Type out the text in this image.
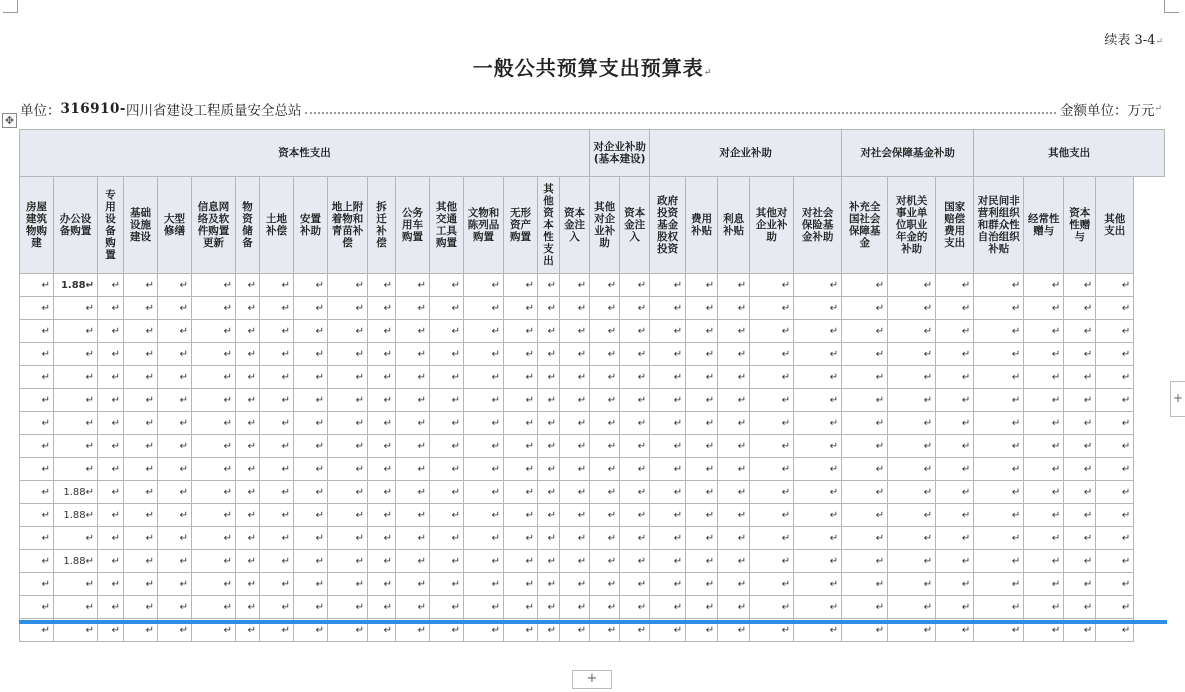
续表 3-4↵
一般公共预算支出预算表↵
✥
单位： 316910- 四川省建设工程质量安全总站	金额单位：万元 ↵
资本性支出																	对企业补助(基本建设)		对企业补助					对社会保障基金补助			其他支出			
房屋建筑物购建	办公设备购置	专用设备购置	基础设施建设	大型修缮	信息网络及软件购置更新	物资储备	土地补偿	安置补助	地上附着物和青苗补偿	拆迁补偿	公务用车购置	其他交通工具购置	文物和陈列品购置	无形资产购置	其他资本性支出	资本金注入	其他对企业补助	资本金注入	政府投资基金股权投资	费用补贴	利息补贴	其他对企业补助	对社会保险基金补助	补充全国社会保障基金	对机关事业单位职业年金的补助	国家赔偿费用支出	对民间非营利组织和群众性自治组织补贴	经常性赠与	资本性赠与	其他支出
↵	1.88↵	↵	↵	↵	↵	↵	↵	↵	↵	↵	↵	↵	↵	↵	↵	↵	↵	↵	↵	↵	↵	↵	↵	↵	↵	↵	↵	↵	↵	↵
↵	↵	↵	↵	↵	↵	↵	↵	↵	↵	↵	↵	↵	↵	↵	↵	↵	↵	↵	↵	↵	↵	↵	↵	↵	↵	↵	↵	↵	↵	↵
↵	↵	↵	↵	↵	↵	↵	↵	↵	↵	↵	↵	↵	↵	↵	↵	↵	↵	↵	↵	↵	↵	↵	↵	↵	↵	↵	↵	↵	↵	↵
↵	↵	↵	↵	↵	↵	↵	↵	↵	↵	↵	↵	↵	↵	↵	↵	↵	↵	↵	↵	↵	↵	↵	↵	↵	↵	↵	↵	↵	↵	↵
↵	↵	↵	↵	↵	↵	↵	↵	↵	↵	↵	↵	↵	↵	↵	↵	↵	↵	↵	↵	↵	↵	↵	↵	↵	↵	↵	↵	↵	↵	↵
↵	↵	↵	↵	↵	↵	↵	↵	↵	↵	↵	↵	↵	↵	↵	↵	↵	↵	↵	↵	↵	↵	↵	↵	↵	↵	↵	↵	↵	↵	↵
↵	↵	↵	↵	↵	↵	↵	↵	↵	↵	↵	↵	↵	↵	↵	↵	↵	↵	↵	↵	↵	↵	↵	↵	↵	↵	↵	↵	↵	↵	↵
↵	↵	↵	↵	↵	↵	↵	↵	↵	↵	↵	↵	↵	↵	↵	↵	↵	↵	↵	↵	↵	↵	↵	↵	↵	↵	↵	↵	↵	↵	↵
↵	↵	↵	↵	↵	↵	↵	↵	↵	↵	↵	↵	↵	↵	↵	↵	↵	↵	↵	↵	↵	↵	↵	↵	↵	↵	↵	↵	↵	↵	↵
↵	1.88↵	↵	↵	↵	↵	↵	↵	↵	↵	↵	↵	↵	↵	↵	↵	↵	↵	↵	↵	↵	↵	↵	↵	↵	↵	↵	↵	↵	↵	↵
↵	1.88↵	↵	↵	↵	↵	↵	↵	↵	↵	↵	↵	↵	↵	↵	↵	↵	↵	↵	↵	↵	↵	↵	↵	↵	↵	↵	↵	↵	↵	↵
↵	↵	↵	↵	↵	↵	↵	↵	↵	↵	↵	↵	↵	↵	↵	↵	↵	↵	↵	↵	↵	↵	↵	↵	↵	↵	↵	↵	↵	↵	↵
↵	1.88↵	↵	↵	↵	↵	↵	↵	↵	↵	↵	↵	↵	↵	↵	↵	↵	↵	↵	↵	↵	↵	↵	↵	↵	↵	↵	↵	↵	↵	↵
↵	↵	↵	↵	↵	↵	↵	↵	↵	↵	↵	↵	↵	↵	↵	↵	↵	↵	↵	↵	↵	↵	↵	↵	↵	↵	↵	↵	↵	↵	↵
↵	↵	↵	↵	↵	↵	↵	↵	↵	↵	↵	↵	↵	↵	↵	↵	↵	↵	↵	↵	↵	↵	↵	↵	↵	↵	↵	↵	↵	↵	↵
↵	↵	↵	↵	↵	↵	↵	↵	↵	↵	↵	↵	↵	↵	↵	↵	↵	↵	↵	↵	↵	↵	↵	↵	↵	↵	↵	↵	↵	↵	↵
+
+
